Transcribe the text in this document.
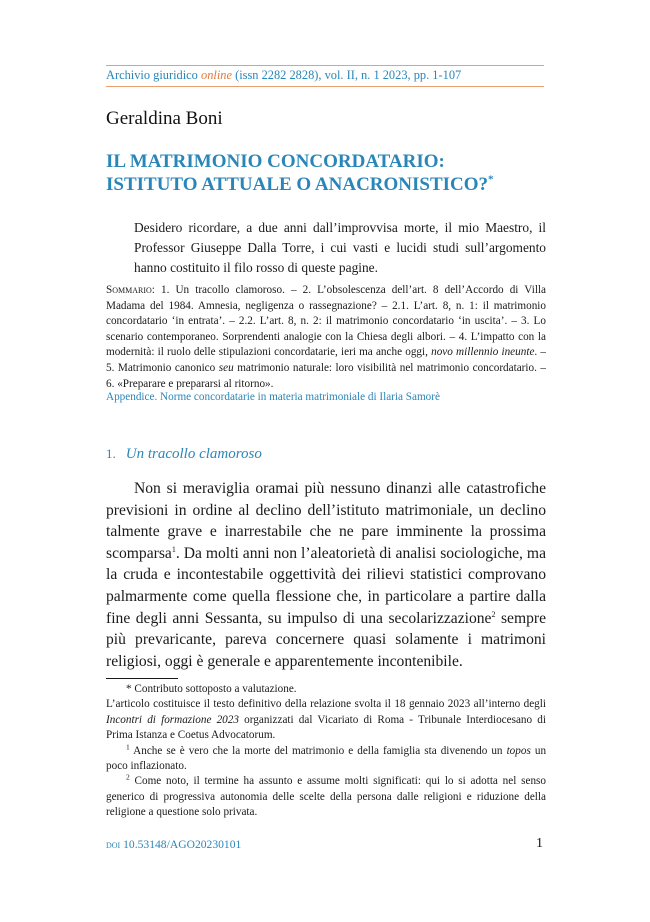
Archivio giuridico online (issn 2282 2828), vol. II, n. 1 2023, pp. 1-107
Geraldina Boni
IL MATRIMONIO CONCORDATARIO:
ISTITUTO ATTUALE O ANACRONISTICO?*
Desidero ricordare, a due anni dall’improvvisa morte, il mio Maestro, il Professor Giuseppe Dalla Torre, i cui vasti e lucidi studi sull’argomento hanno costituito il filo rosso di queste pagine.
Sommario: 1. Un tracollo clamoroso. – 2. L’obsolescenza dell’art. 8 dell’Accordo di Villa Madama del 1984. Amnesia, negligenza o rassegnazione? – 2.1. L’art. 8, n. 1: il matrimonio concordatario ‘in entrata’. – 2.2. L’art. 8, n. 2: il matrimonio concordatario ‘in uscita’. – 3. Lo scenario contemporaneo. Sorprendenti analogie con la Chiesa degli albori. – 4. L’impatto con la modernità: il ruolo delle stipulazioni concordatarie, ieri ma anche oggi, novo millennio ineunte. – 5. Matrimonio canonico seu matrimonio naturale: loro visibilità nel matrimonio concordatario. – 6. «Preparare e prepararsi al ritorno».
Appendice. Norme concordatarie in materia matrimoniale di Ilaria Samorè
1. Un tracollo clamoroso
Non si meraviglia oramai più nessuno dinanzi alle catastrofiche previsioni in ordine al declino dell’istituto matrimoniale, un declino talmente grave e inarrestabile che ne pare imminente la prossima scomparsa$^1$. Da molti anni non l’aleatorietà di analisi sociologiche, ma la cruda e incontestabile oggettività dei rilievi statistici comprovano palmarmente come quella flessione che, in particolare a partire dalla fine degli anni Sessanta, su impulso di una secolarizzazione$^2$ sempre più prevaricante, pareva concernere quasi solamente i matrimoni religiosi, oggi è generale e apparentemente incontenibile.

* Contributo sottoposto a valutazione.

L’articolo costituisce il testo definitivo della relazione svolta il 18 gennaio 2023 all’interno degli Incontri di formazione 2023 organizzati dal Vicariato di Roma - Tribunale Interdiocesano di Prima Istanza e Coetus Advocatorum.

$^1$ Anche se è vero che la morte del matrimonio e della famiglia sta divenendo un topos un poco inflazionato.

$^2$ Come noto, il termine ha assunto e assume molti significati: qui lo si adotta nel senso generico di progressiva autonomia delle scelte della persona dalle religioni e riduzione della religione a questione solo privata.

doi 10.53148/AGO20230101	1
